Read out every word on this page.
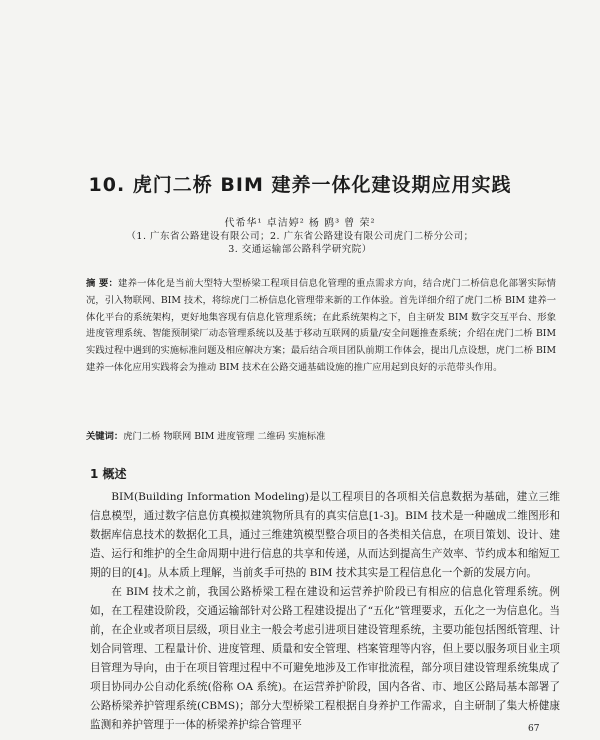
10. 虎门二桥 BIM 建养一体化建设期应用实践
代希华¹ 卓洁婷² 杨 鸥³ 曾 荣²
（1. 广东省公路建设有限公司；2. 广东省公路建设有限公司虎门二桥分公司；
3. 交通运输部公路科学研究院）
摘 要：建养一体化是当前大型特大型桥梁工程项目信息化管理的重点需求方向，结合虎门二桥信息化部署实际情况，引入物联网、BIM 技术，将综虎门二桥信息化管理带来新的工作体验。首先详细介绍了虎门二桥 BIM 建养一体化平台的系统架构，更好地集容现有信息化管理系统；在此系统架构之下，自主研发 BIM 数字交互平台、形象进度管理系统、智能预制梁厂动态管理系统以及基于移动互联网的质量/安全问题推查系统；介绍在虎门二桥 BIM 实践过程中遇到的实施标准问题及相应解决方案；最后结合项目团队前期工作体会，提出几点设想，虎门二桥 BIM 建养一体化应用实践将会为推动 BIM 技术在公路交通基础设施的推广应用起到良好的示范带头作用。
关键词：虎门二桥 物联网 BIM 进度管理 二维码 实施标准
1 概述

BIM(Building Information Modeling)是以工程项目的各项相关信息数据为基础，建立三维信息模型，通过数字信息仿真模拟建筑物所具有的真实信息[1-3]。BIM 技术是一种融成二维图形和数据库信息技术的数据化工具，通过三维建筑模型整合项目的各类相关信息，在项目策划、设计、建造、运行和维护的全生命周期中进行信息的共享和传递，从而达到提高生产效率、节约成本和缩短工期的目的[4]。从本质上理解，当前炙手可热的 BIM 技术其实是工程信息化一个新的发展方向。

在 BIM 技术之前，我国公路桥梁工程在建设和运营养护阶段已有相应的信息化管理系统。例如，在工程建设阶段，交通运输部针对公路工程建设提出了“五化”管理要求，五化之一为信息化。当前，在企业或者项目层级，项目业主一般会考虑引进项目建设管理系统，主要功能包括图纸管理、计划合同管理、工程量计价、进度管理、质量和安全管理、档案管理等内容，但上要以服务项目业主项目管理为导向，由于在项目管理过程中不可避免地涉及工作审批流程，部分项目建设管理系统集成了项目协同办公自动化系统(俗称 OA 系统)。在运营养护阶段，国内各省、市、地区公路局基本部署了公路桥梁养护管理系统(CBMS)；部分大型桥梁工程根据自身养护工作需求，自主研制了集大桥健康监测和养护管理于一体的桥梁养护综合管理平	67
